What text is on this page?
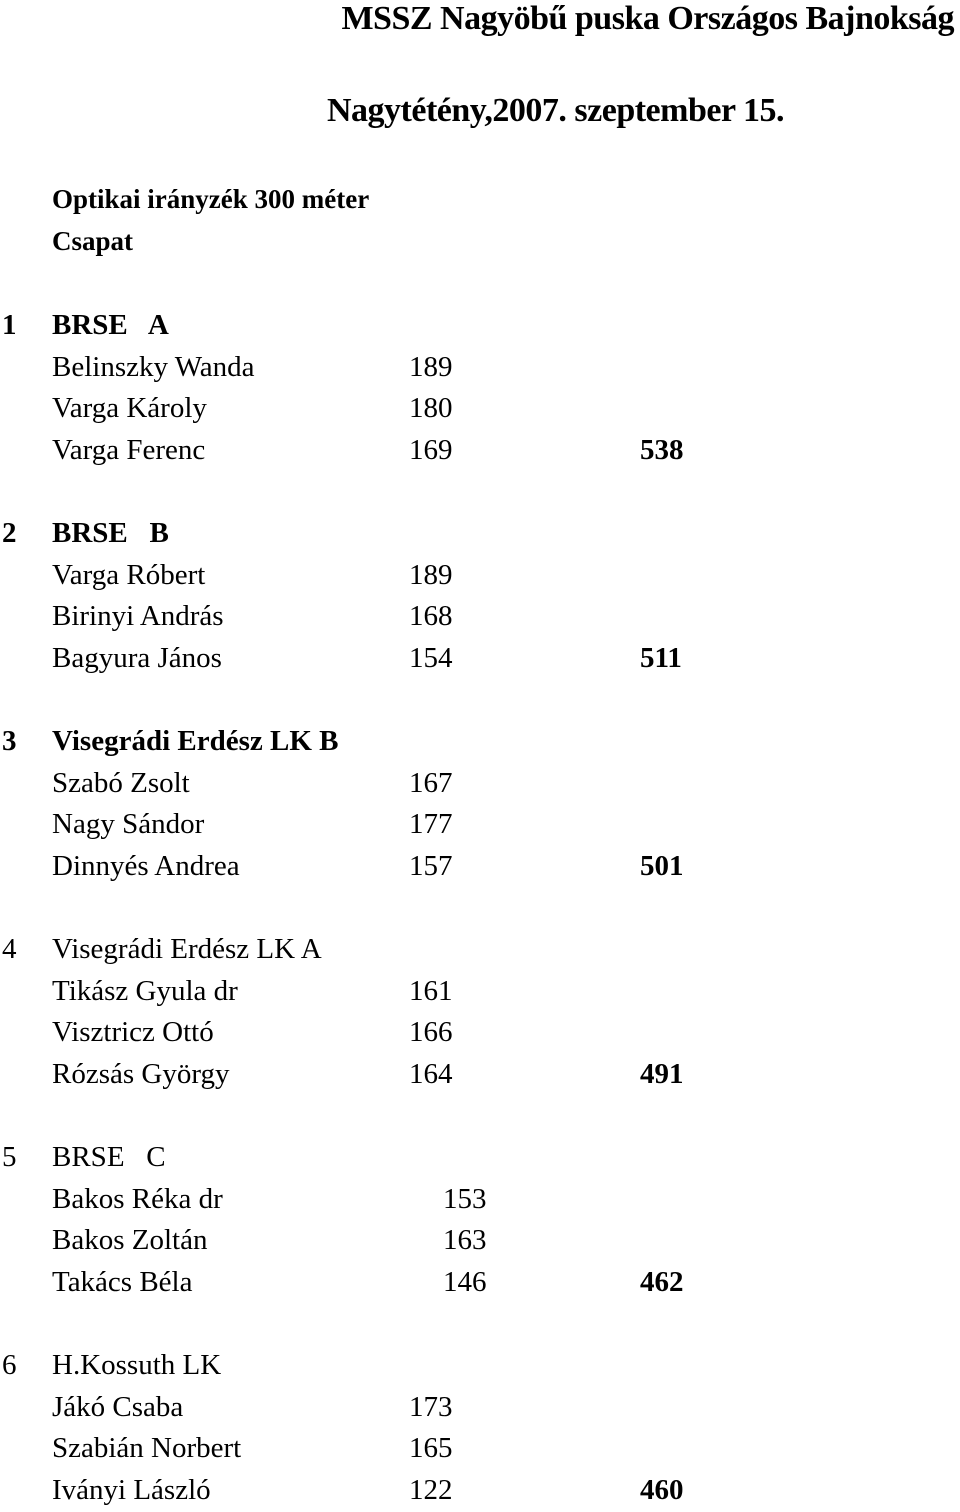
MSSZ Nagyöbű puska Országos Bajnokság
Nagytétény,2007. szeptember 15.
Optikai irányzék 300 méter
Csapat
1 BRSE   A
Belinszky Wanda	189
Varga Károly	180
Varga Ferenc	169	538
2 BRSE   B
Varga Róbert	189
Birinyi András	168
Bagyura János	154	511
3 Visegrádi Erdész LK B
Szabó Zsolt	167
Nagy Sándor	177
Dinnyés Andrea	157	501
4 Visegrádi Erdész LK A
Tikász Gyula dr	161
Visztricz Ottó	166
Rózsás György	164	491
5 BRSE   C
Bakos Réka dr	153
Bakos Zoltán	163
Takács Béla	146	462
6 H.Kossuth LK
Jákó Csaba	173
Szabián Norbert	165
Iványi László	122	460
